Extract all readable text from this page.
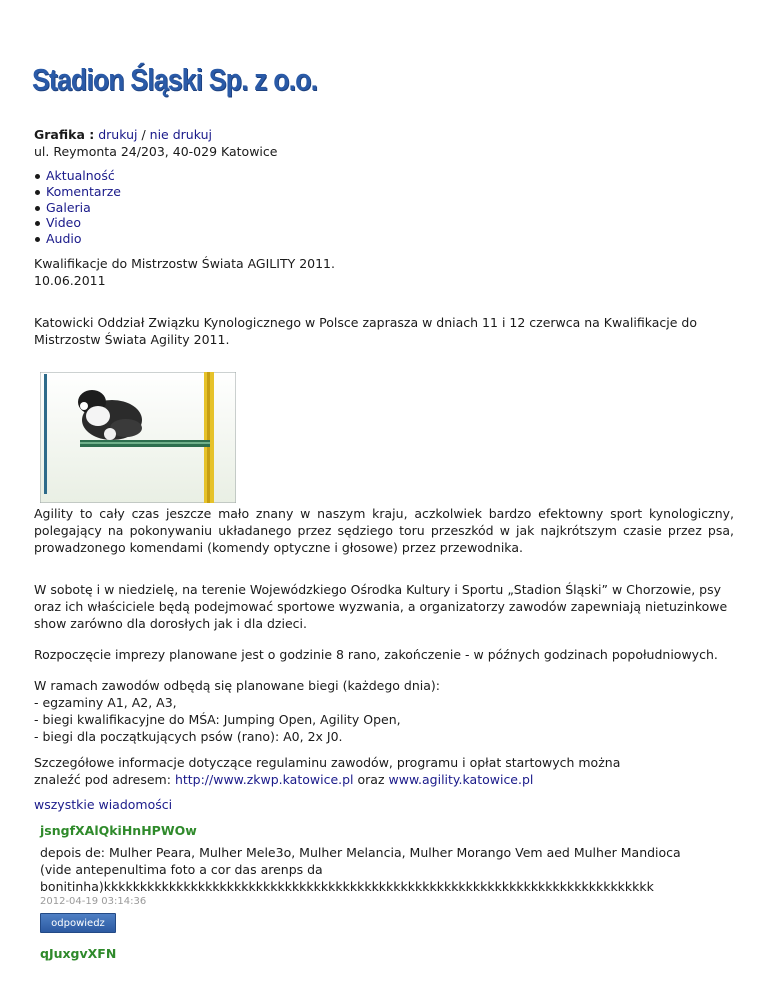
Stadion Śląski Sp. z o.o.
Grafika : drukuj / nie drukuj
ul. Reymonta 24/203, 40-029 Katowice
Aktualność
Komentarze
Galeria
Video
Audio
Kwalifikacje do Mistrzostw Świata AGILITY 2011.
10.06.2011
Katowicki Oddział Związku Kynologicznego w Polsce zaprasza w dniach 11 i 12 czerwca na Kwalifikacje do Mistrzostw Świata Agility 2011.
Agility to cały czas jeszcze mało znany w naszym kraju, aczkolwiek bardzo efektowny sport kynologiczny, polegający na pokonywaniu układanego przez sędziego toru przeszkód w jak najkrótszym czasie przez psa, prowadzonego komendami (komendy optyczne i głosowe) przez przewodnika.
W sobotę i w niedzielę, na terenie Wojewódzkiego Ośrodka Kultury i Sportu „Stadion Śląski” w Chorzowie, psy oraz ich właściciele będą podejmować sportowe wyzwania, a organizatorzy zawodów zapewniają nietuzinkowe show zarówno dla dorosłych jak i dla dzieci.
Rozpoczęcie imprezy planowane jest o godzinie 8 rano, zakończenie - w późnych godzinach popołudniowych.
W ramach zawodów odbędą się planowane biegi (każdego dnia):
- egzaminy A1, A2, A3,
- biegi kwalifikacyjne do MŚA: Jumping Open, Agility Open,
- biegi dla początkujących psów (rano): A0, 2x J0.
Szczegółowe informacje dotyczące regulaminu zawodów, programu i opłat startowych można
znaleźć pod adresem: http://www.zkwp.katowice.pl oraz www.agility.katowice.pl
wszystkie wiadomości
jsngfXAlQkiHnHPWOw
depois de: Mulher Peara, Mulher Mele3o, Mulher Melancia, Mulher Morango Vem aed Mulher Mandioca (vide antepenultima foto a cor das arenps da bonitinha)kkkkkkkkkkkkkkkkkkkkkkkkkkkkkkkkkkkkkkkkkkkkkkkkkkkkkkkkkkkkkkkkkkkkkkkkkkkk
2012-04-19 03:14:36
odpowiedz
qJuxgvXFN
